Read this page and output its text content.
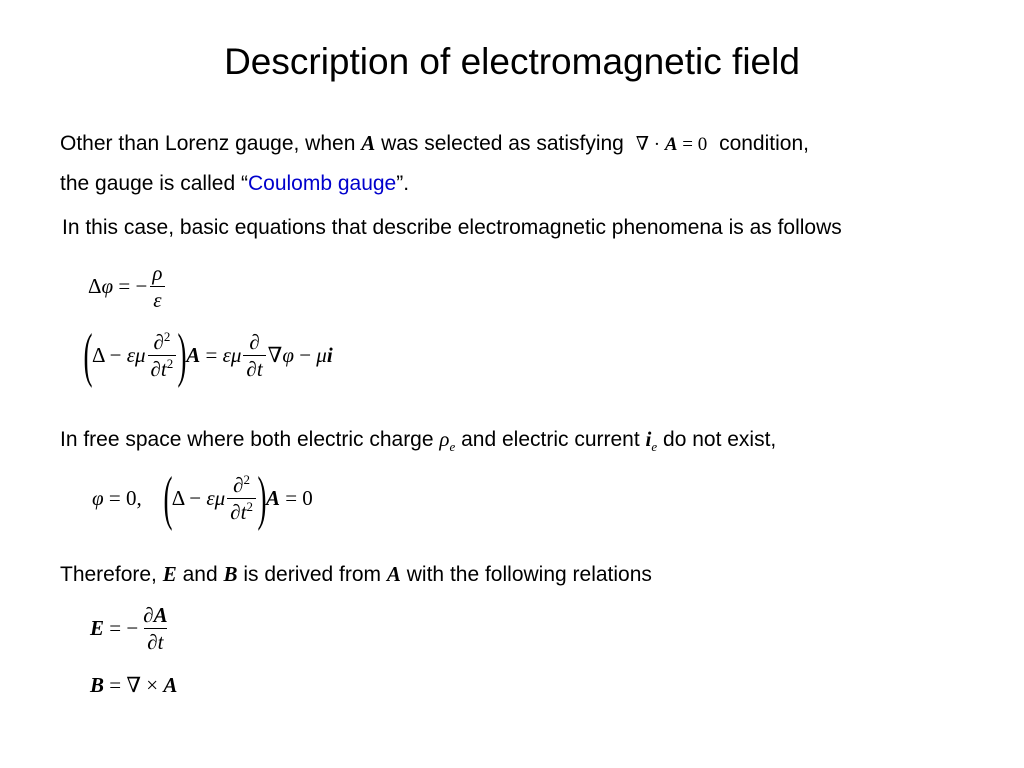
Description of electromagnetic field
Other than Lorenz gauge, when A was selected as satisfying ∇ · A = 0 condition,
the gauge is called “Coulomb gauge”.
In this case, basic equations that describe electromagnetic phenomena is as follows
Δφ = − $\frac{\rho}{\varepsilon}$
( Δ − εμ $\frac{\partial^2}{\partial t^2}$ ) A = εμ $\frac{\partial}{\partial t} \nabla\varphi - \mu i$
In free space where both electric charge $\rho_e$ and electric current $i_e$ do not exist,
φ = 0, ( Δ − εμ $\frac{\partial^2}{\partial t^2}$ ) A = 0
Therefore, E and B is derived from A with the following relations
E = − $\frac{\partial A}{\partial t}$
B = ∇ × A
